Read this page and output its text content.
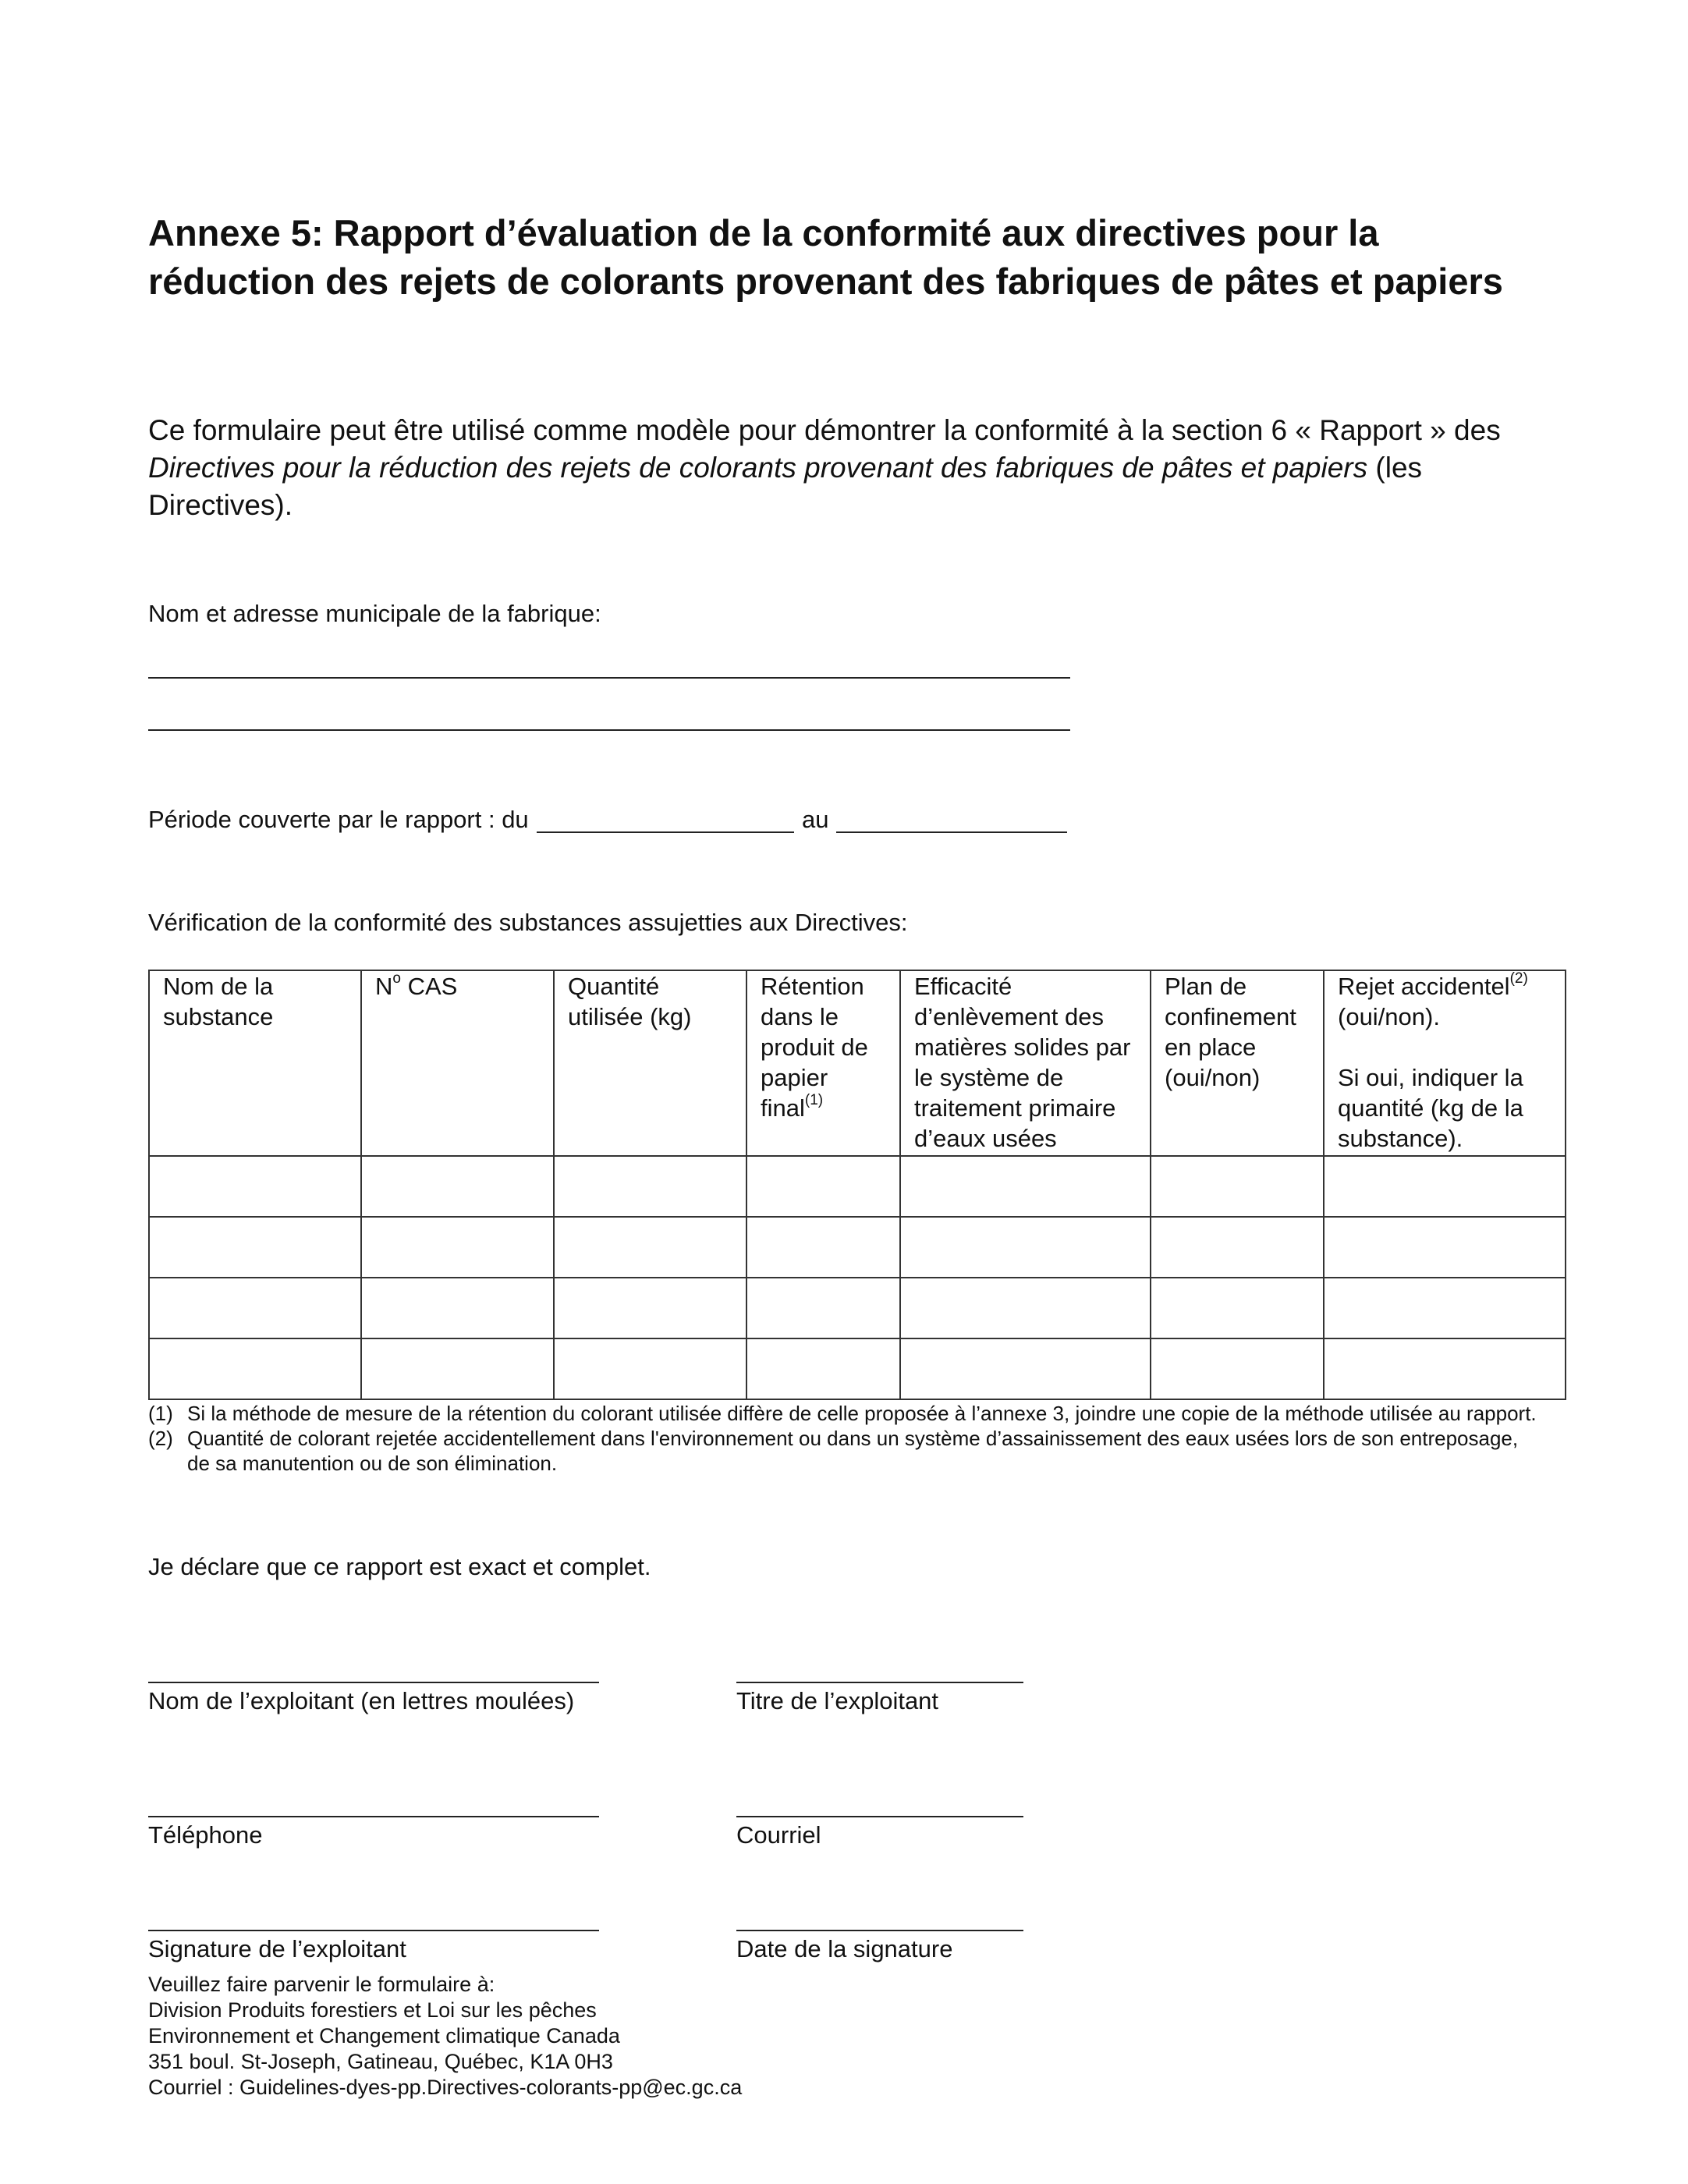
Annexe 5: Rapport d’évaluation de la conformité aux directives pour la réduction des rejets de colorants provenant des fabriques de pâtes et papiers

Ce formulaire peut être utilisé comme modèle pour démontrer la conformité à la section 6 « Rapport » des Directives pour la réduction des rejets de colorants provenant des fabriques de pâtes et papiers (les Directives).

Nom et adresse municipale de la fabrique:
Période couverte par le rapport : du	au
Vérification de la conformité des substances assujetties aux Directives:
Nom de la substance	$N^o$ CAS	Quantité utilisée (kg)	Rétention dans le produit de papier final$^{(1)}$	Efficacité d’enlèvement des matières solides par le système de traitement primaire d’eaux usées	Plan de confinement en place (oui/non)	Rejet accidentel$^{(2)}$
(oui/non).

Si oui, indiquer la quantité (kg de la substance).

(1) Si la méthode de mesure de la rétention du colorant utilisée diffère de celle proposée à l’annexe 3, joindre une copie de la méthode utilisée au rapport.
(2) Quantité de colorant rejetée accidentellement dans l'environnement ou dans un système d’assainissement des eaux usées lors de son entreposage, de sa manutention ou de son élimination.
Je déclare que ce rapport est exact et complet.
Nom de l’exploitant (en lettres moulées)	Titre de l’exploitant
Téléphone	Courriel
Signature de l’exploitant	Date de la signature
Veuillez faire parvenir le formulaire à:
Division Produits forestiers et Loi sur les pêches
Environnement et Changement climatique Canada
351 boul. St-Joseph, Gatineau, Québec, K1A 0H3
Courriel : Guidelines-dyes-pp.Directives-colorants-pp@ec.gc.ca
